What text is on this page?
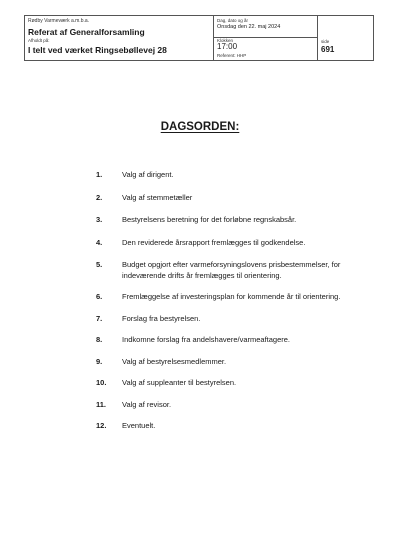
Rødby Varmeværk a.m.b.a.
Referat af Generalforsamling
Afholdt på:
I telt ved værket Ringsebøllevej 28
Dag, dato og år
Onsdag den 22. maj 2024
Klokken
17:00
Referent: HHP
side
691
DAGSORDEN:
1.	Valg af dirigent.
2.	Valg af stemmetæller
3.	Bestyrelsens beretning for det forløbne regnskabsår.
4.	Den reviderede årsrapport fremlægges til godkendelse.
5.	Budget opgjort efter varmeforsyningslovens prisbestemmelser, for indeværende drifts år fremlægges til orientering.
6.	Fremlæggelse af investeringsplan for kommende år til orientering.
7.	Forslag fra bestyrelsen.
8.	Indkomne forslag fra andelshavere/varmeaftagere.
9.	Valg af bestyrelsesmedlemmer.
10. Valg af suppleanter til bestyrelsen.
11. Valg af revisor.
12. Eventuelt.
